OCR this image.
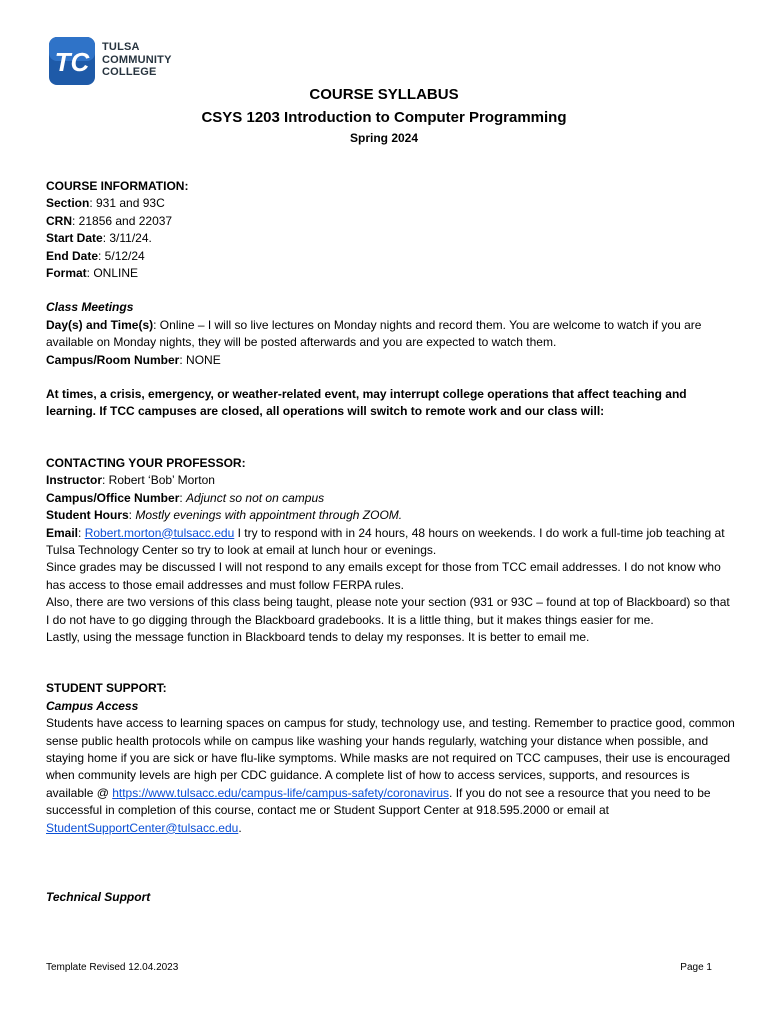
TC TULSA
COMMUNITY
COLLEGE
COURSE SYLLABUS
CSYS 1203 Introduction to Computer Programming
Spring 2024

COURSE INFORMATION:

Section: 931 and 93C

CRN: 21856 and 22037

Start Date: 3/11/24.

End Date: 5/12/24

Format: ONLINE

Class Meetings

Day(s) and Time(s): Online – I will so live lectures on Monday nights and record them. You are welcome to watch if you are available on Monday nights, they will be posted afterwards and you are expected to watch them.

Campus/Room Number: NONE

At times, a crisis, emergency, or weather-related event, may interrupt college operations that affect teaching and learning. If TCC campuses are closed, all operations will switch to remote work and our class will:

CONTACTING YOUR PROFESSOR:

Instructor: Robert ‘Bob’ Morton

Campus/Office Number: Adjunct so not on campus

Student Hours: Mostly evenings with appointment through ZOOM.

Email: Robert.morton@tulsacc.edu I try to respond with in 24 hours, 48 hours on weekends. I do work a full-time job teaching at Tulsa Technology Center so try to look at email at lunch hour or evenings.

Since grades may be discussed I will not respond to any emails except for those from TCC email addresses. I do not know who has access to those email addresses and must follow FERPA rules.

Also, there are two versions of this class being taught, please note your section (931 or 93C – found at top of Blackboard) so that I do not have to go digging through the Blackboard gradebooks. It is a little thing, but it makes things easier for me.

Lastly, using the message function in Blackboard tends to delay my responses. It is better to email me.

STUDENT SUPPORT:

Campus Access

Students have access to learning spaces on campus for study, technology use, and testing. Remember to practice good, common sense public health protocols while on campus like washing your hands regularly, watching your distance when possible, and staying home if you are sick or have flu-like symptoms. While masks are not required on TCC campuses, their use is encouraged when community levels are high per CDC guidance. A complete list of how to access services, supports, and resources is available @ https://www.tulsacc.edu/campus-life/campus-safety/coronavirus. If you do not see a resource that you need to be successful in completion of this course, contact me or Student Support Center at 918.595.2000 or email at StudentSupportCenter@tulsacc.edu.

Technical Support

Template Revised 12.04.2023	Page 1
